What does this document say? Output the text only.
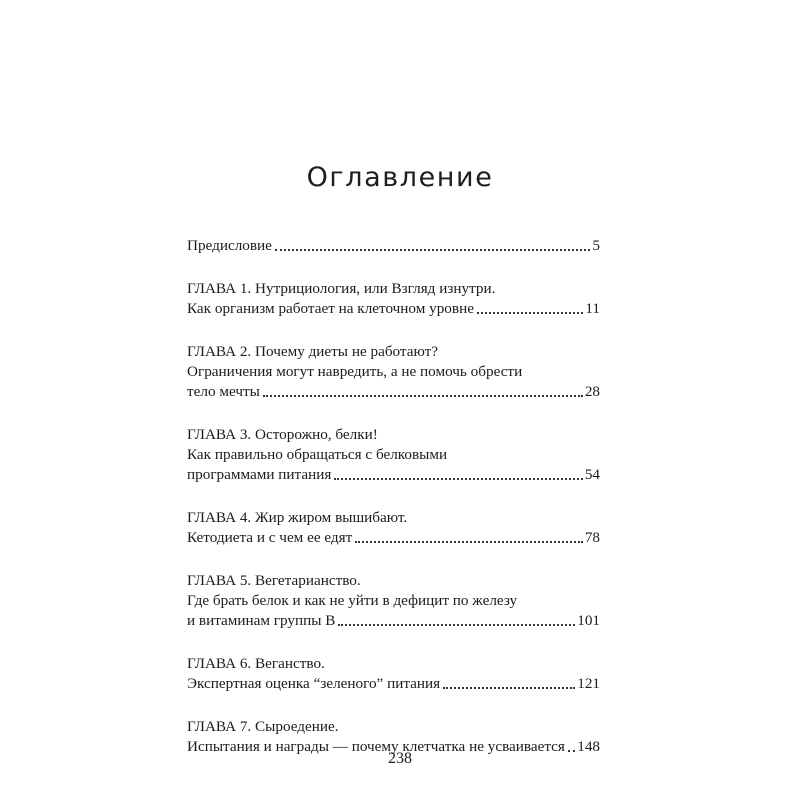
Оглавление
Предисловие	5
ГЛАВА 1. Нутрициология, или Взгляд изнутри.
Как организм работает на клеточном уровне	11
ГЛАВА 2. Почему диеты не работают?
Ограничения могут навредить, а не помочь обрести
тело мечты	28
ГЛАВА 3. Осторожно, белки!
Как правильно обращаться с белковыми
программами питания	54
ГЛАВА 4. Жир жиром вышибают.
Кетодиета и с чем ее едят	78
ГЛАВА 5. Вегетарианство.
Где брать белок и как не уйти в дефицит по железу
и витаминам группы В	101
ГЛАВА 6. Веганство.
Экспертная оценка “зеленого” питания	121
ГЛАВА 7. Сыроедение.
Испытания и награды — почему клетчатка не усваивается 148
238
